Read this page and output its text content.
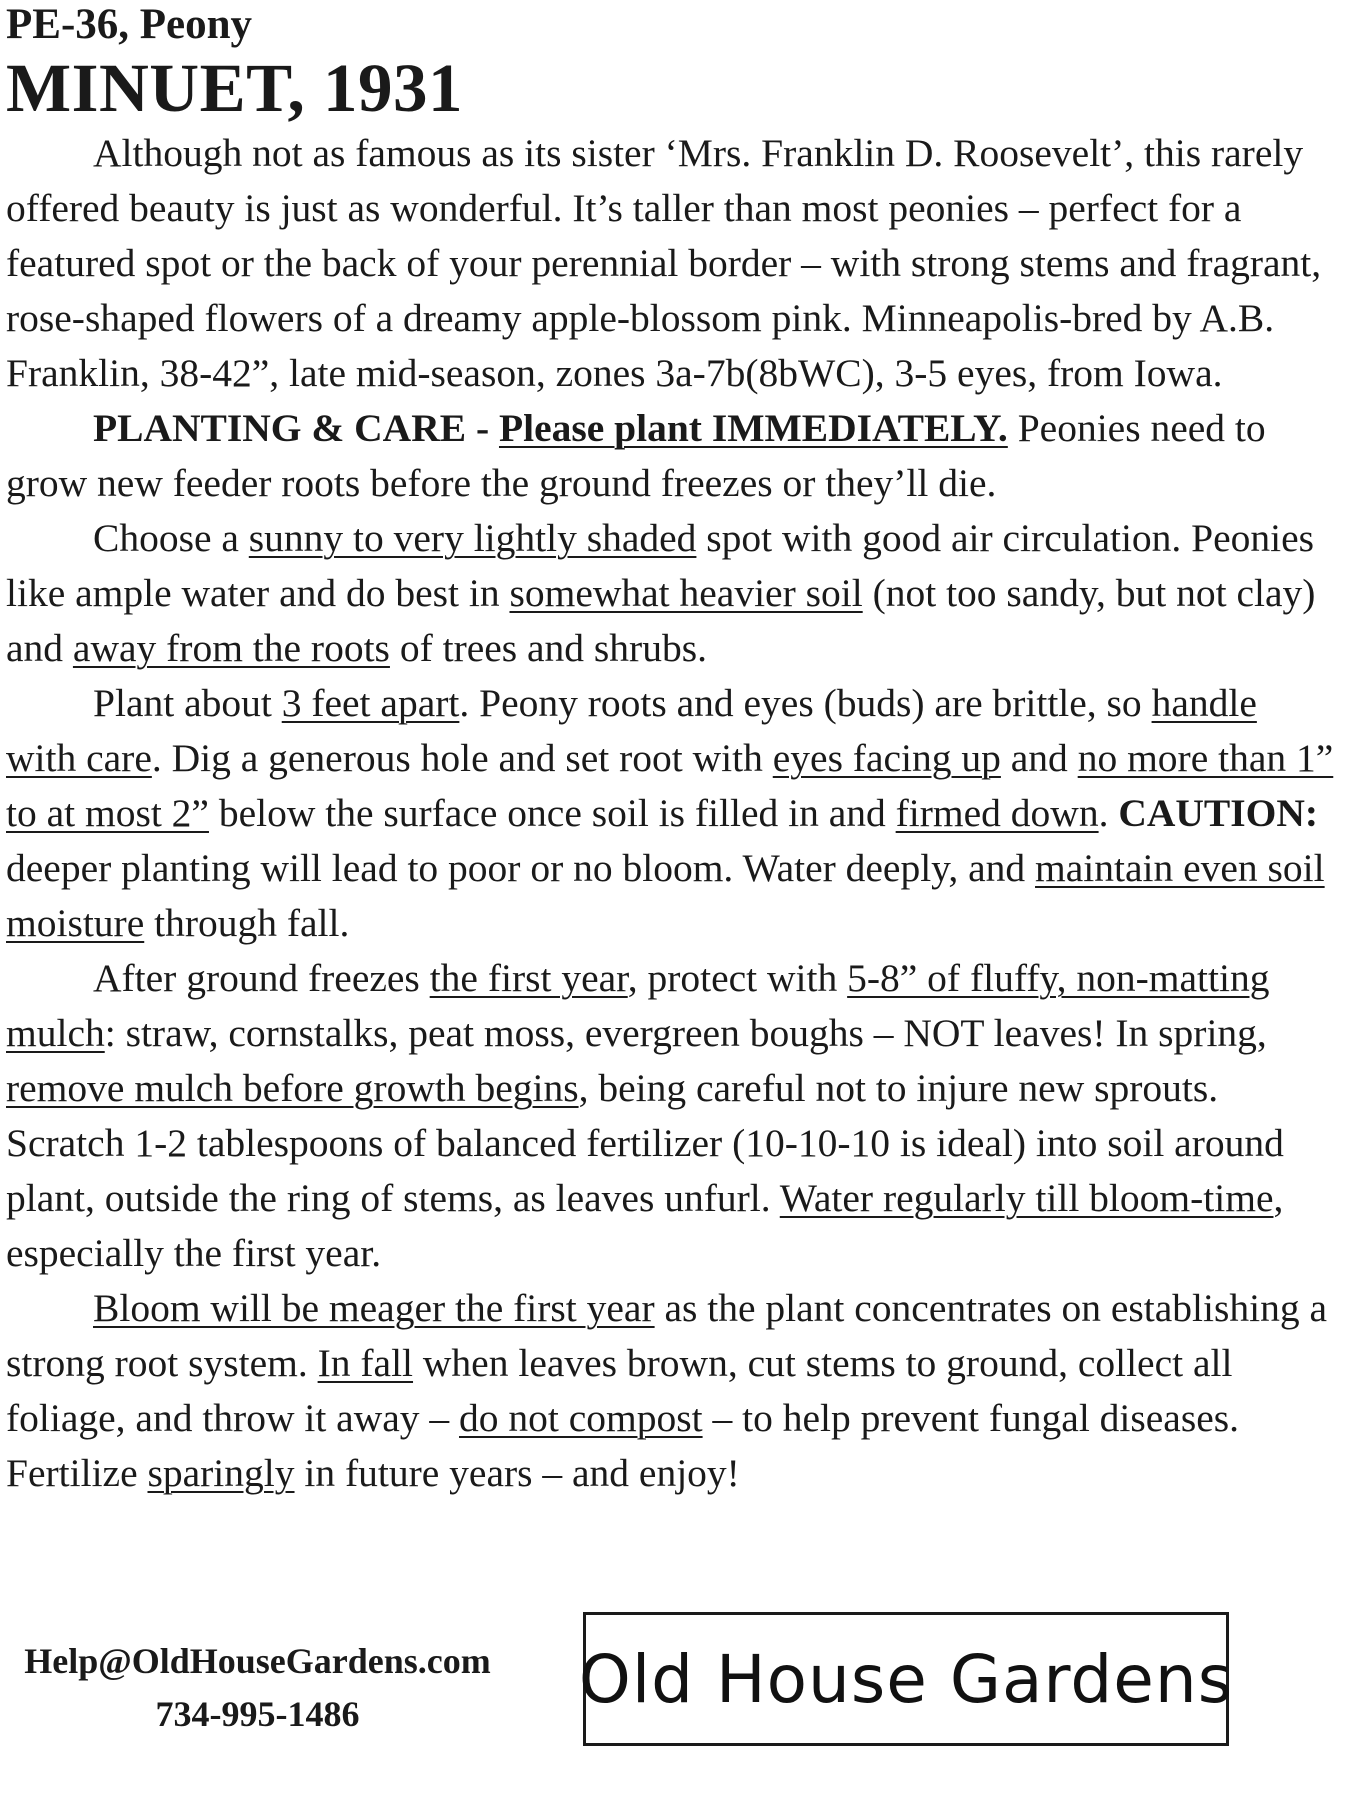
PE-36, Peony
MINUET, 1931

Although not as famous as its sister ‘Mrs. Franklin D. Roosevelt’, this rarely offered beauty is just as wonderful. It’s taller than most peonies – perfect for a featured spot or the back of your perennial border – with strong stems and fragrant, rose-shaped flowers of a dreamy apple-blossom pink. Minneapolis-bred by A.B. Franklin, 38-42”, late mid-season, zones 3a-7b(8bWC), 3-5 eyes, from Iowa.

PLANTING & CARE - Please plant IMMEDIATELY. Peonies need to grow new feeder roots before the ground freezes or they’ll die.

Choose a sunny to very lightly shaded spot with good air circulation. Peonies like ample water and do best in somewhat heavier soil (not too sandy, but not clay) and away from the roots of trees and shrubs.

Plant about 3 feet apart. Peony roots and eyes (buds) are brittle, so handle with care. Dig a generous hole and set root with eyes facing up and no more than 1” to at most 2” below the surface once soil is filled in and firmed down. CAUTION: deeper planting will lead to poor or no bloom. Water deeply, and maintain even soil moisture through fall.

After ground freezes the first year, protect with 5-8” of fluffy, non-matting mulch: straw, cornstalks, peat moss, evergreen boughs – NOT leaves! In spring, remove mulch before growth begins, being careful not to injure new sprouts. Scratch 1-2 tablespoons of balanced fertilizer (10-10-10 is ideal) into soil around plant, outside the ring of stems, as leaves unfurl. Water regularly till bloom-time, especially the first year.

Bloom will be meager the first year as the plant concentrates on establishing a strong root system. In fall when leaves brown, cut stems to ground, collect all foliage, and throw it away – do not compost – to help prevent fungal diseases. Fertilize sparingly in future years – and enjoy!

Help@OldHouseGardens.com
734-995-1486	Old House Gardens
